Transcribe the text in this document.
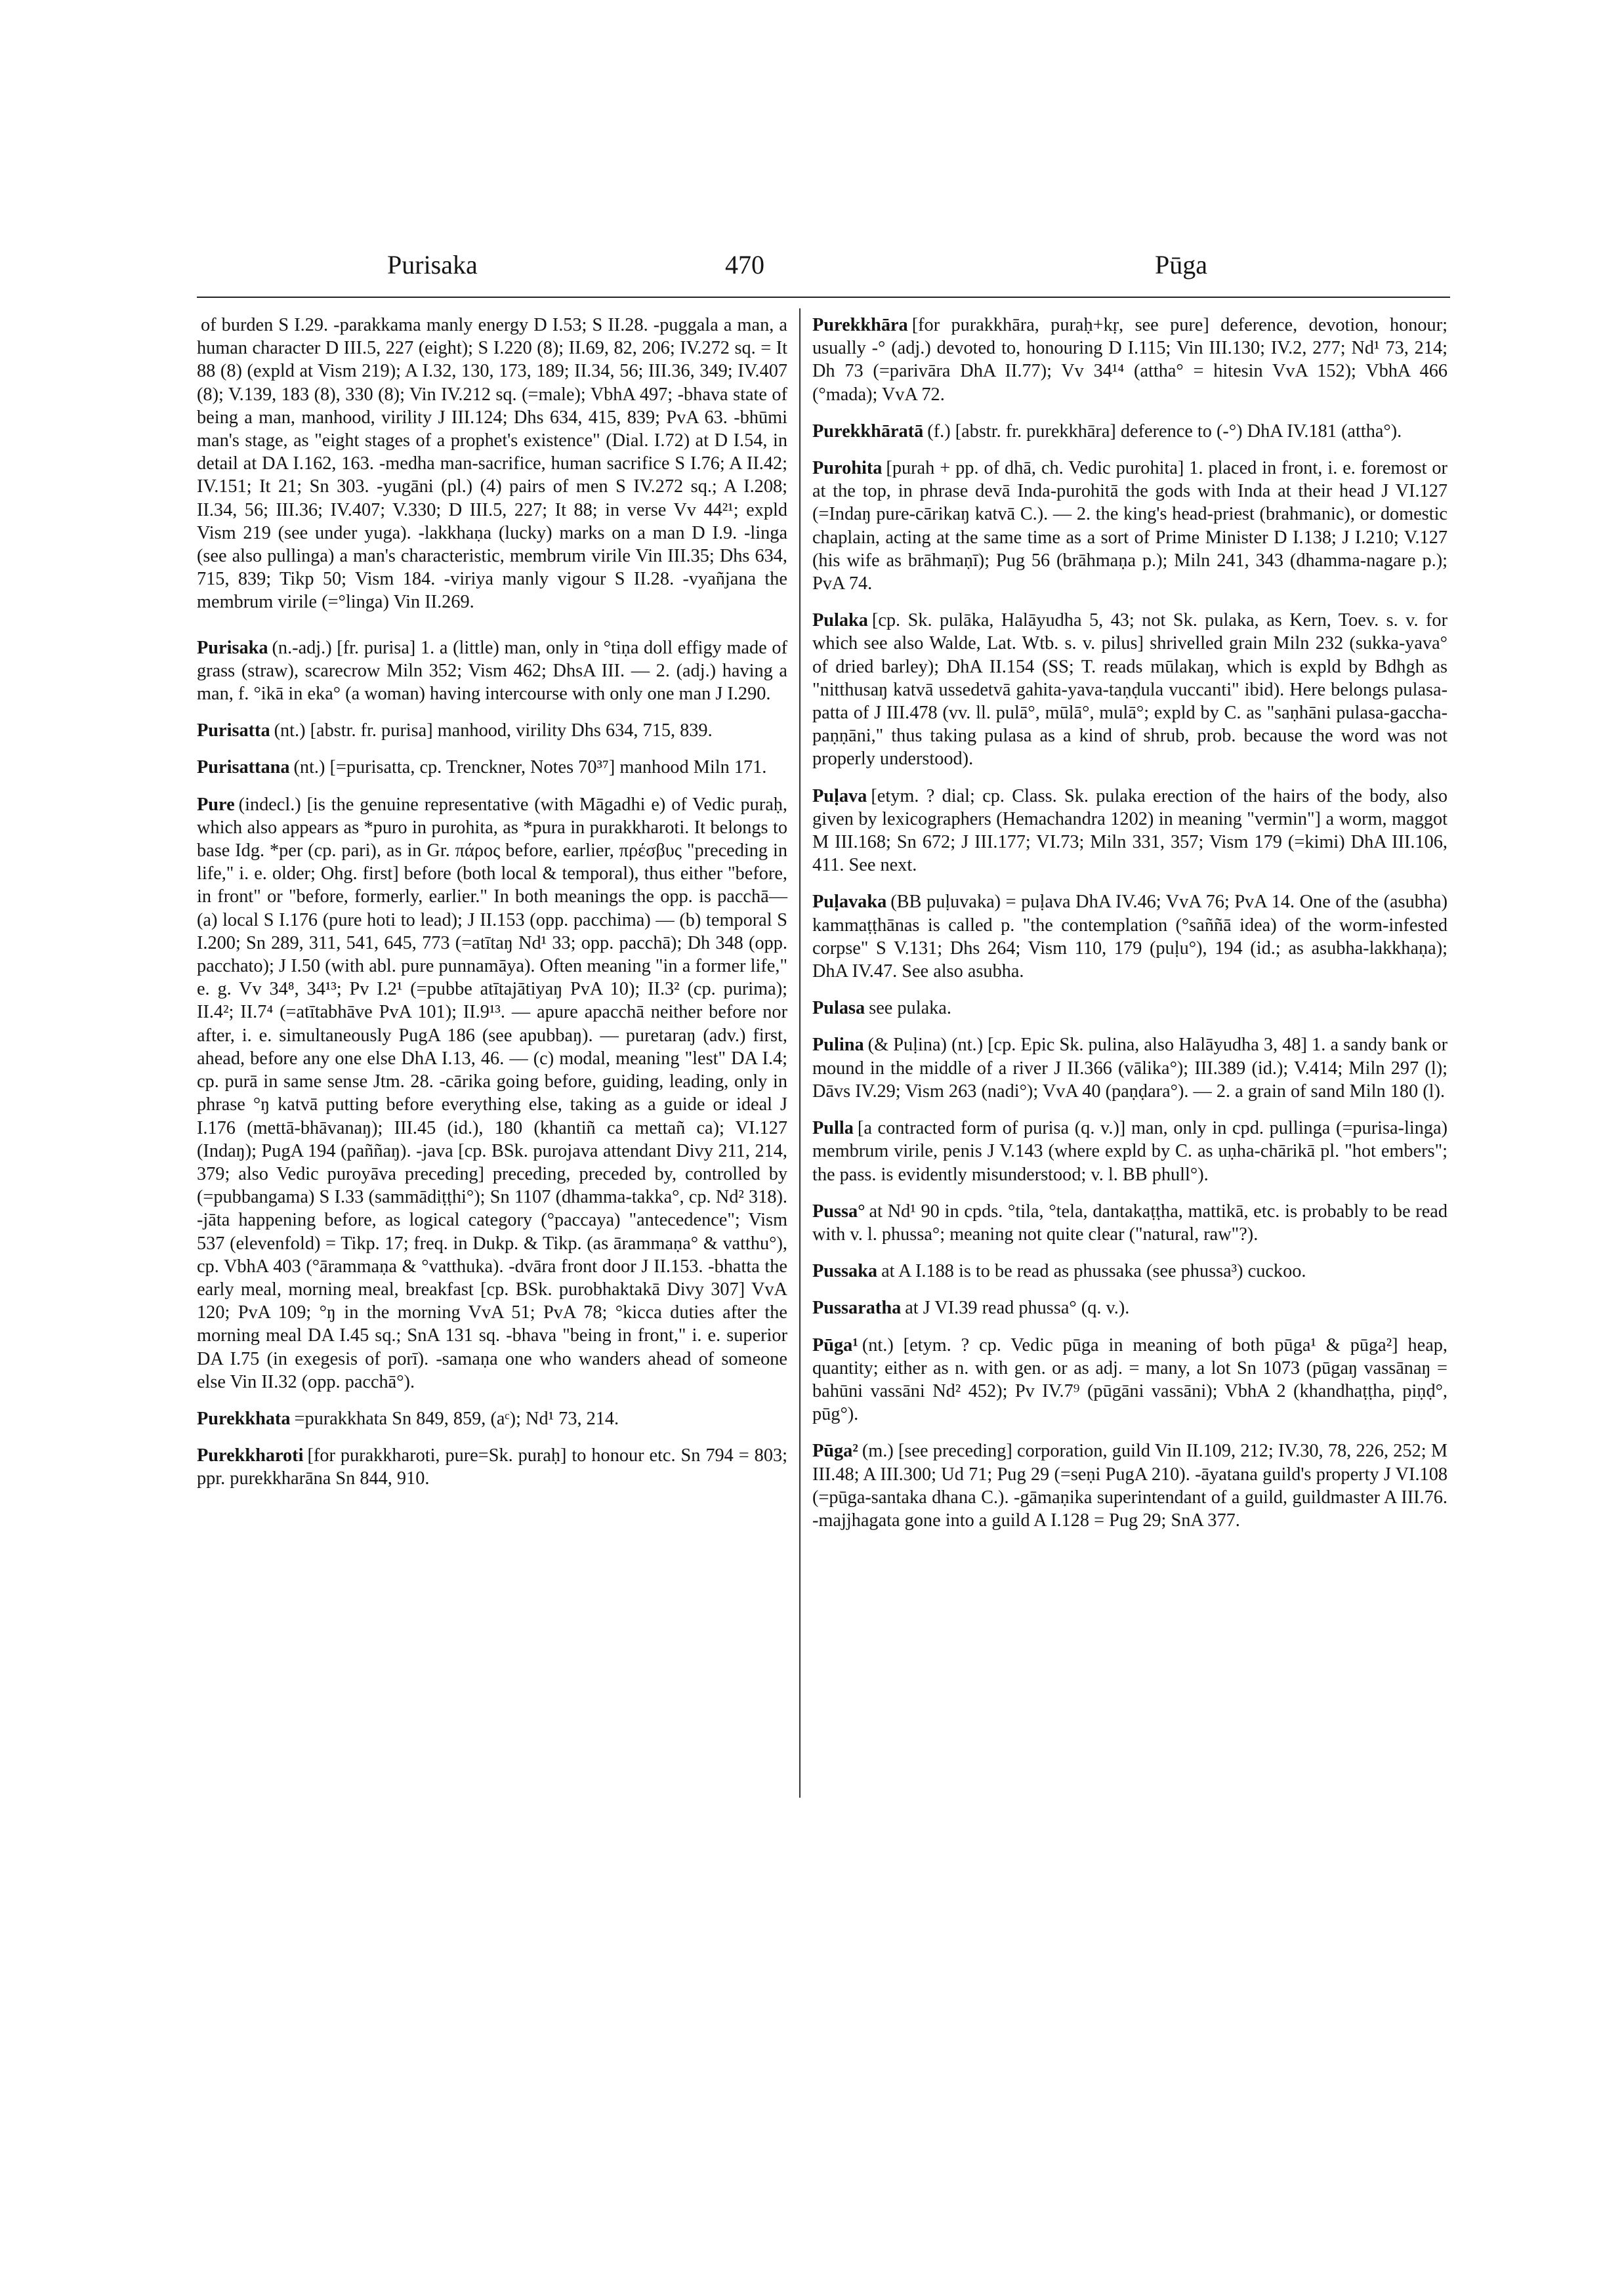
Purisaka	470	Pūga
of burden S I.29. -parakkama manly energy D I.53; S II.28. -puggala a man, a human character D III.5, 227 (eight); S I.220 (8); II.69, 82, 206; IV.272 sq. = It 88 (8) (expld at Vism 219); A I.32, 130, 173, 189; II.34, 56; III.36, 349; IV.407 (8); V.139, 183 (8), 330 (8); Vin IV.212 sq. (=male); VbhA 497; -bhava state of being a man, manhood, virility J III.124; Dhs 634, 415, 839; PvA 63. -bhūmi man's stage, as "eight stages of a prophet's existence" (Dial. I.72) at D I.54, in detail at DA I.162, 163. -medha man-sacrifice, human sacrifice S I.76; A II.42; IV.151; It 21; Sn 303. -yugāni (pl.) (4) pairs of men S IV.272 sq.; A I.208; II.34, 56; III.36; IV.407; V.330; D III.5, 227; It 88; in verse Vv 44²¹; expld Vism 219 (see under yuga). -lakkhaṇa (lucky) marks on a man D I.9. -linga (see also pullinga) a man's characteristic, membrum virile Vin III.35; Dhs 634, 715, 839; Tikp 50; Vism 184. -viriya manly vigour S II.28. -vyañjana the membrum virile (=°linga) Vin II.269.
Purisaka (n.-adj.) [fr. purisa] 1. a (little) man, only in °tiṇa doll effigy made of grass (straw), scarecrow Miln 352; Vism 462; DhsA III. — 2. (adj.) having a man, f. °ikā in eka° (a woman) having intercourse with only one man J I.290.
Purisatta (nt.) [abstr. fr. purisa] manhood, virility Dhs 634, 715, 839.
Purisattana (nt.) [=purisatta, cp. Trenckner, Notes 70³⁷] manhood Miln 171.
Pure (indecl.) [is the genuine representative (with Māgadhi e) of Vedic puraḥ, which also appears as *puro in purohita, as *pura in purakkharoti. It belongs to base Idg. *per (cp. pari), as in Gr. πάρος before, earlier, πρέσβυς "preceding in life," i. e. older; Ohg. first] before (both local & temporal), thus either "before, in front" or "before, formerly, earlier." In both meanings the opp. is pacchā—(a) local S I.176 (pure hoti to lead); J II.153 (opp. pacchima) — (b) temporal S I.200; Sn 289, 311, 541, 645, 773 (=atītaŋ Nd¹ 33; opp. pacchā); Dh 348 (opp. pacchato); J I.50 (with abl. pure punnamāya). Often meaning "in a former life," e. g. Vv 34⁸, 34¹³; Pv I.2¹ (=pubbe atītajātiyaŋ PvA 10); II.3² (cp. purima); II.4²; II.7⁴ (=atītabhāve PvA 101); II.9¹³. — apure apacchā neither before nor after, i. e. simultaneously PugA 186 (see apubbaŋ). — puretaraŋ (adv.) first, ahead, before any one else DhA I.13, 46. — (c) modal, meaning "lest" DA I.4; cp. purā in same sense Jtm. 28. -cārika going before, guiding, leading, only in phrase °ŋ katvā putting before everything else, taking as a guide or ideal J I.176 (mettā-bhāvanaŋ); III.45 (id.), 180 (khantiñ ca mettañ ca); VI.127 (Indaŋ); PugA 194 (paññaŋ). -java [cp. BSk. purojava attendant Divy 211, 214, 379; also Vedic puroyāva preceding] preceding, preceded by, controlled by (=pubbangama) S I.33 (sammādiṭṭhi°); Sn 1107 (dhamma-takka°, cp. Nd² 318). -jāta happening before, as logical category (°paccaya) "antecedence"; Vism 537 (elevenfold) = Tikp. 17; freq. in Dukp. & Tikp. (as ārammaṇa° & vatthu°), cp. VbhA 403 (°ārammaṇa & °vatthuka). -dvāra front door J II.153. -bhatta the early meal, morning meal, breakfast [cp. BSk. purobhaktakā Divy 307] VvA 120; PvA 109; °ŋ in the morning VvA 51; PvA 78; °kicca duties after the morning meal DA I.45 sq.; SnA 131 sq. -bhava "being in front," i. e. superior DA I.75 (in exegesis of porī). -samaṇa one who wanders ahead of someone else Vin II.32 (opp. pacchā°).
Purekkhata =purakkhata Sn 849, 859, (aᶜ); Nd¹ 73, 214.
Purekkharoti [for purakkharoti, pure=Sk. puraḥ] to honour etc. Sn 794 = 803; ppr. purekkharāna Sn 844, 910.
Purekkhāra [for purakkhāra, puraḥ+kṛ, see pure] deference, devotion, honour; usually -° (adj.) devoted to, honouring D I.115; Vin III.130; IV.2, 277; Nd¹ 73, 214; Dh 73 (=parivāra DhA II.77); Vv 34¹⁴ (attha° = hitesin VvA 152); VbhA 466 (°mada); VvA 72.
Purekkhāratā (f.) [abstr. fr. purekkhāra] deference to (-°) DhA IV.181 (attha°).
Purohita [purah + pp. of dhā, ch. Vedic purohita] 1. placed in front, i. e. foremost or at the top, in phrase devā Inda-purohitā the gods with Inda at their head J VI.127 (=Indaŋ pure-cārikaŋ katvā C.). — 2. the king's head-priest (brahmanic), or domestic chaplain, acting at the same time as a sort of Prime Minister D I.138; J I.210; V.127 (his wife as brāhmaṇī); Pug 56 (brāhmaṇa p.); Miln 241, 343 (dhamma-nagare p.); PvA 74.
Pulaka [cp. Sk. pulāka, Halāyudha 5, 43; not Sk. pulaka, as Kern, Toev. s. v. for which see also Walde, Lat. Wtb. s. v. pilus] shrivelled grain Miln 232 (sukka-yava° of dried barley); DhA II.154 (SS; T. reads mūlakaŋ, which is expld by Bdhgh as "nitthusaŋ katvā ussedetvā gahita-yava-taṇḍula vuccanti" ibid). Here belongs pulasa-patta of J III.478 (vv. ll. pulā°, mūlā°, mulā°; expld by C. as "saṇhāni pulasa-gaccha-paṇṇāni," thus taking pulasa as a kind of shrub, prob. because the word was not properly understood).
Puḷava [etym. ? dial; cp. Class. Sk. pulaka erection of the hairs of the body, also given by lexicographers (Hemachandra 1202) in meaning "vermin"] a worm, maggot M III.168; Sn 672; J III.177; VI.73; Miln 331, 357; Vism 179 (=kimi) DhA III.106, 411. See next.
Puḷavaka (BB puḷuvaka) = puḷava DhA IV.46; VvA 76; PvA 14. One of the (asubha) kammaṭṭhānas is called p. "the contemplation (°saññā idea) of the worm-infested corpse" S V.131; Dhs 264; Vism 110, 179 (puḷu°), 194 (id.; as asubha-lakkhaṇa); DhA IV.47. See also asubha.
Pulasa see pulaka.
Pulina (& Puḷina) (nt.) [cp. Epic Sk. pulina, also Halāyudha 3, 48] 1. a sandy bank or mound in the middle of a river J II.366 (vālika°); III.389 (id.); V.414; Miln 297 (l); Dāvs IV.29; Vism 263 (nadi°); VvA 40 (paṇḍara°). — 2. a grain of sand Miln 180 (l).
Pulla [a contracted form of purisa (q. v.)] man, only in cpd. pullinga (=purisa-linga) membrum virile, penis J V.143 (where expld by C. as uṇha-chārikā pl. "hot embers"; the pass. is evidently misunderstood; v. l. BB phull°).
Pussa° at Nd¹ 90 in cpds. °tila, °tela, dantakaṭṭha, mattikā, etc. is probably to be read with v. l. phussa°; meaning not quite clear ("natural, raw"?).
Pussaka at A I.188 is to be read as phussaka (see phussa³) cuckoo.
Pussaratha at J VI.39 read phussa° (q. v.).
Pūga¹ (nt.) [etym. ? cp. Vedic pūga in meaning of both pūga¹ & pūga²] heap, quantity; either as n. with gen. or as adj. = many, a lot Sn 1073 (pūgaŋ vassānaŋ = bahūni vassāni Nd² 452); Pv IV.7⁹ (pūgāni vassāni); VbhA 2 (khandhaṭṭha, piṇḍ°, pūg°).
Pūga² (m.) [see preceding] corporation, guild Vin II.109, 212; IV.30, 78, 226, 252; M III.48; A III.300; Ud 71; Pug 29 (=seṇi PugA 210). -āyatana guild's property J VI.108 (=pūga-santaka dhana C.). -gāmaṇika superintendant of a guild, guildmaster A III.76. -majjhagata gone into a guild A I.128 = Pug 29; SnA 377.
